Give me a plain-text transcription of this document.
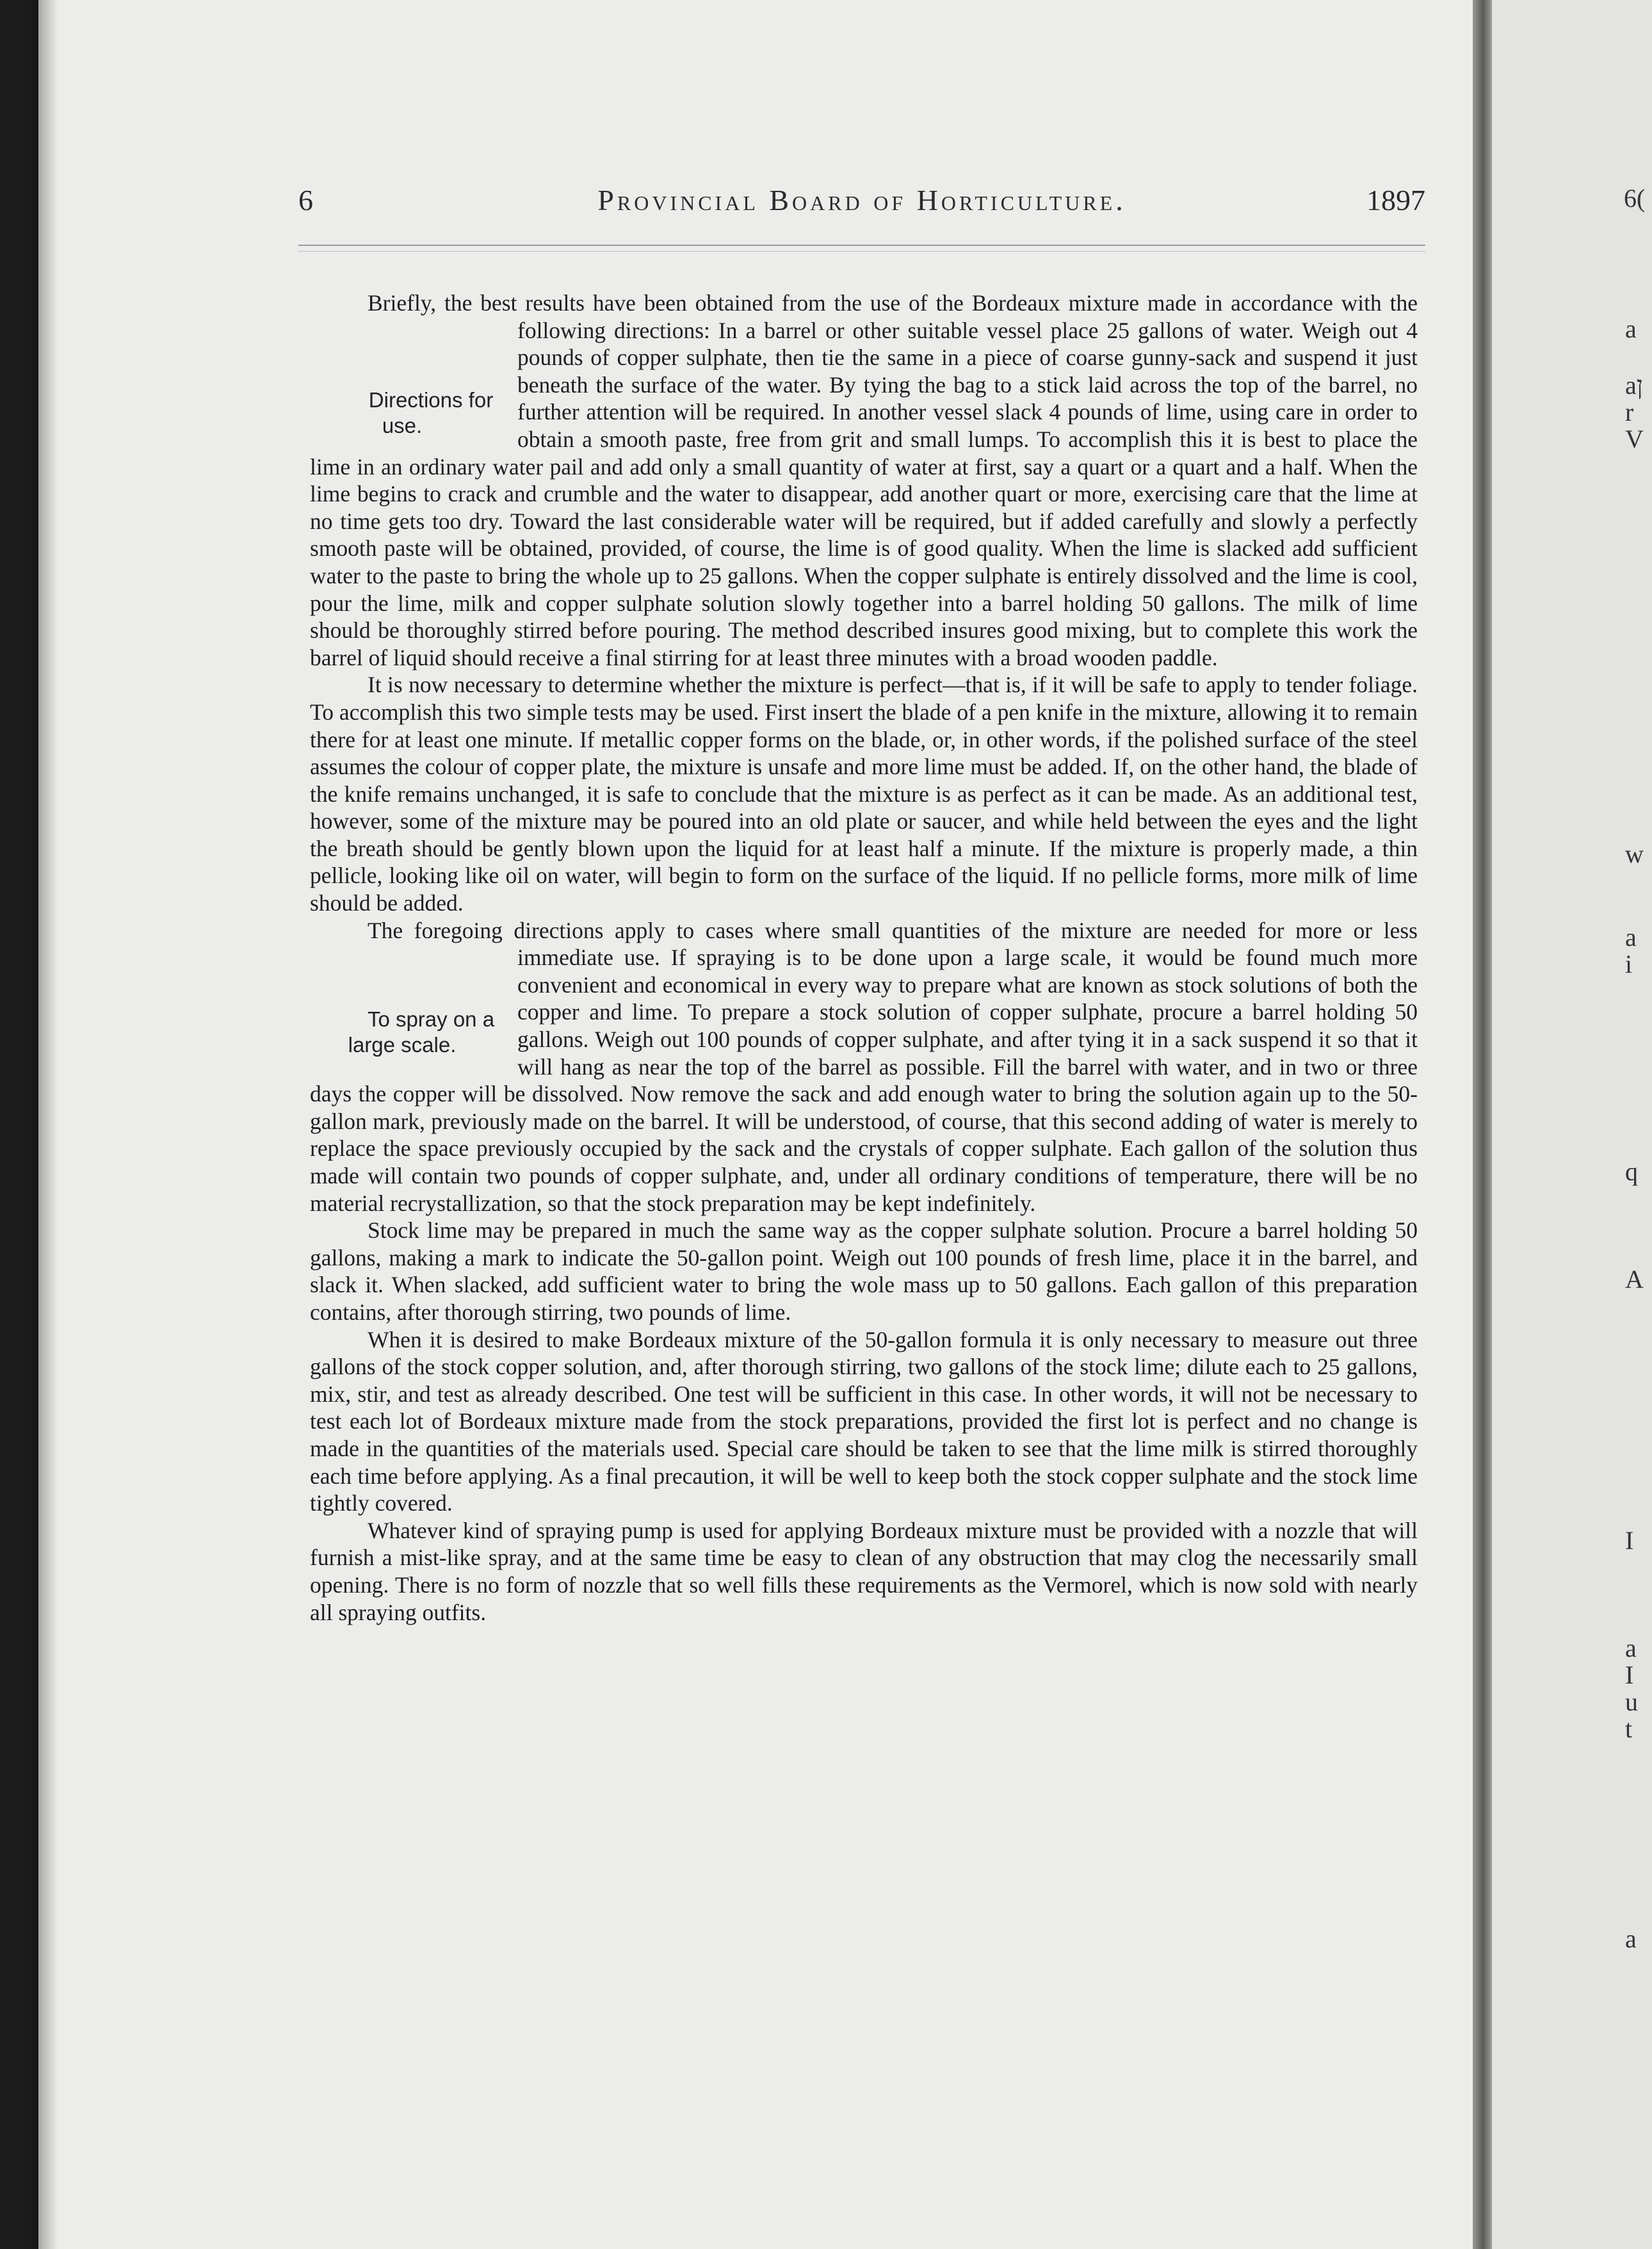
6	Provincial Board of Horticulture.	1897

Briefly, the best results have been obtained from the use of the Bordeaux mixture made in accordance with the following directions:
Directions for use.
In a barrel or other suitable vessel place 25 gallons of water. Weigh out 4 pounds of copper sulphate, then tie the same in a piece of coarse gunny-sack and suspend it just beneath the surface of the water. By tying the bag to a stick laid across the top of the barrel, no further attention will be required. In another vessel slack 4 pounds of lime, using care in order to obtain a smooth paste, free from grit and small lumps. To accomplish this it is best to place the lime in an ordinary water pail and add only a small quantity of water at first, say a quart or a quart and a half. When the lime begins to crack and crumble and the water to disappear, add another quart or more, exercising care that the lime at no time gets too dry. Toward the last considerable water will be required, but if added carefully and slowly a perfectly smooth paste will be obtained, provided, of course, the lime is of good quality. When the lime is slacked add sufficient water to the paste to bring the whole up to 25 gallons. When the copper sulphate is entirely dissolved and the lime is cool, pour the lime, milk and copper sulphate solution slowly together into a barrel holding 50 gallons. The milk of lime should be thoroughly stirred before pouring. The method described insures good mixing, but to complete this work the barrel of liquid should receive a final stirring for at least three minutes with a broad wooden paddle.

It is now necessary to determine whether the mixture is perfect—that is, if it will be safe to apply to tender foliage. To accomplish this two simple tests may be used. First insert the blade of a pen knife in the mixture, allowing it to remain there for at least one minute. If metallic copper forms on the blade, or, in other words, if the polished surface of the steel assumes the colour of copper plate, the mixture is unsafe and more lime must be added. If, on the other hand, the blade of the knife remains unchanged, it is safe to conclude that the mixture is as perfect as it can be made. As an additional test, however, some of the mixture may be poured into an old plate or saucer, and while held between the eyes and the light the breath should be gently blown upon the liquid for at least half a minute. If the mixture is properly made, a thin pellicle, looking like oil on water, will begin to form on the surface of the liquid. If no pellicle forms, more milk of lime should be added.

The foregoing directions apply to cases where small quantities of the mixture are needed for more or less immediate use.
To spray on a large scale.
If spraying is to be done upon a large scale, it would be found much more convenient and economical in every way to prepare what are known as stock solutions of both the copper and lime. To prepare a stock solution of copper sulphate, procure a barrel holding 50 gallons. Weigh out 100 pounds of copper sulphate, and after tying it in a sack suspend it so that it will hang as near the top of the barrel as possible. Fill the barrel with water, and in two or three days the copper will be dissolved. Now remove the sack and add enough water to bring the solution again up to the 50-gallon mark, previously made on the barrel. It will be understood, of course, that this second adding of water is merely to replace the space previously occupied by the sack and the crystals of copper sulphate. Each gallon of the solution thus made will contain two pounds of copper sulphate, and, under all ordinary conditions of temperature, there will be no material recrystallization, so that the stock preparation may be kept indefinitely.

Stock lime may be prepared in much the same way as the copper sulphate solution. Procure a barrel holding 50 gallons, making a mark to indicate the 50-gallon point. Weigh out 100 pounds of fresh lime, place it in the barrel, and slack it. When slacked, add sufficient water to bring the wole mass up to 50 gallons. Each gallon of this preparation contains, after thorough stirring, two pounds of lime.

When it is desired to make Bordeaux mixture of the 50-gallon formula it is only necessary to measure out three gallons of the stock copper solution, and, after thorough stirring, two gallons of the stock lime; dilute each to 25 gallons, mix, stir, and test as already described. One test will be sufficient in this case. In other words, it will not be necessary to test each lot of Bordeaux mixture made from the stock preparations, provided the first lot is perfect and no change is made in the quantities of the materials used. Special care should be taken to see that the lime milk is stirred thoroughly each time before applying. As a final precaution, it will be well to keep both the stock copper sulphate and the stock lime tightly covered.

Whatever kind of spraying pump is used for applying Bordeaux mixture must be provided with a nozzle that will furnish a mist-like spray, and at the same time be easy to clean of any obstruction that may clog the necessarily small opening. There is no form of nozzle that so well fills these requirements as the Vermorel, which is now sold with nearly all spraying outfits.

6(
a
aן
r
V
w
a
i
q
A
I
a
I
u
t
a
